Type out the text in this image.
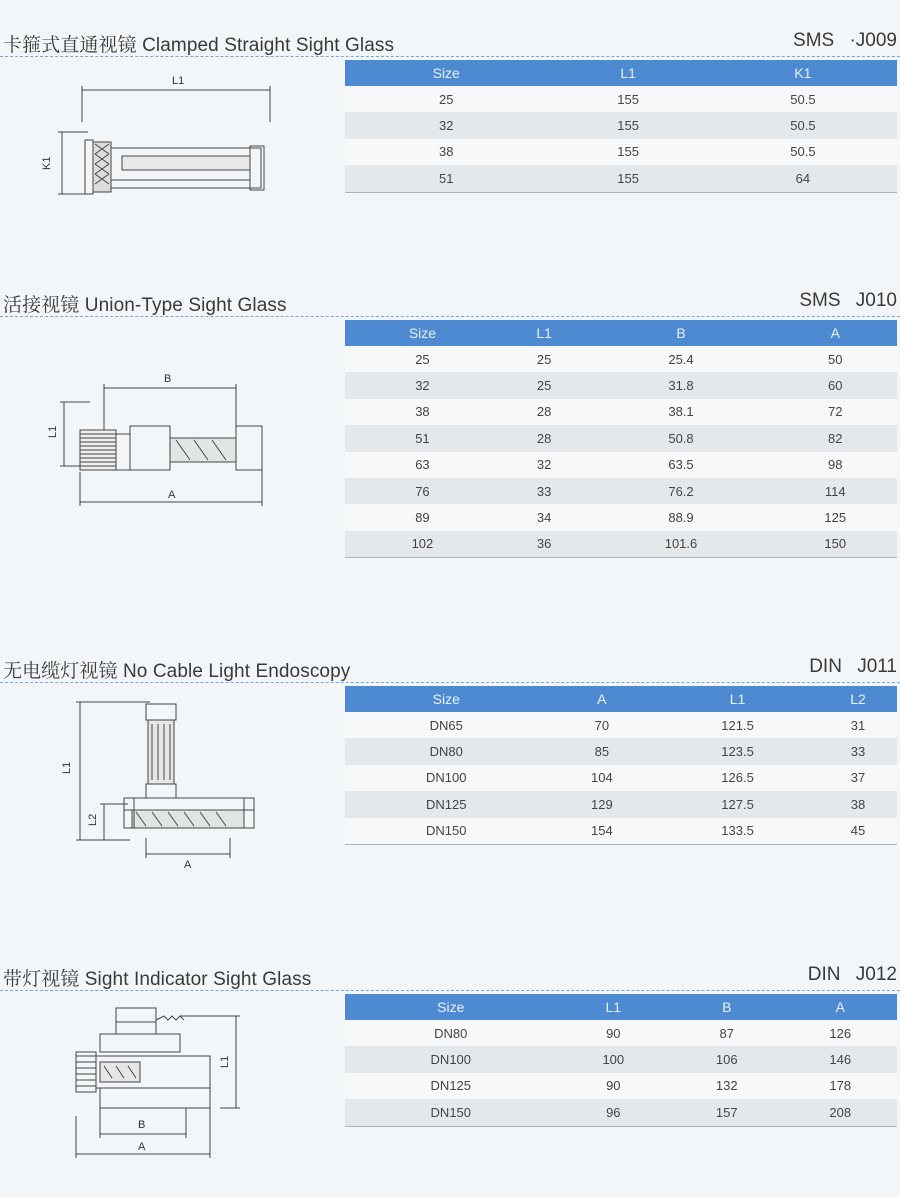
卡箍式直通视镜 Clamped Straight Sight Glass	SMS ·J009
L1
K1
Size	L1	K1
25	155	50.5
32	155	50.5
38	155	50.5
51	155	64
活接视镜 Union-Type Sight Glass	SMS J010
B
L1
A
Size	L1	B	A
25	25	25.4	50
32	25	31.8	60
38	28	38.1	72
51	28	50.8	82
63	32	63.5	98
76	33	76.2	114
89	34	88.9	125
102	36	101.6	150
无电缆灯视镜 No Cable Light Endoscopy	DIN J011
L1
L2
A
Size	A	L1	L2
DN65	70	121.5	31
DN80	85	123.5	33
DN100	104	126.5	37
DN125	129	127.5	38
DN150	154	133.5	45
带灯视镜 Sight Indicator Sight Glass	DIN J012
L1
B
A
Size	L1	B	A
DN80	90	87	126
DN100	100	106	146
DN125	90	132	178
DN150	96	157	208
